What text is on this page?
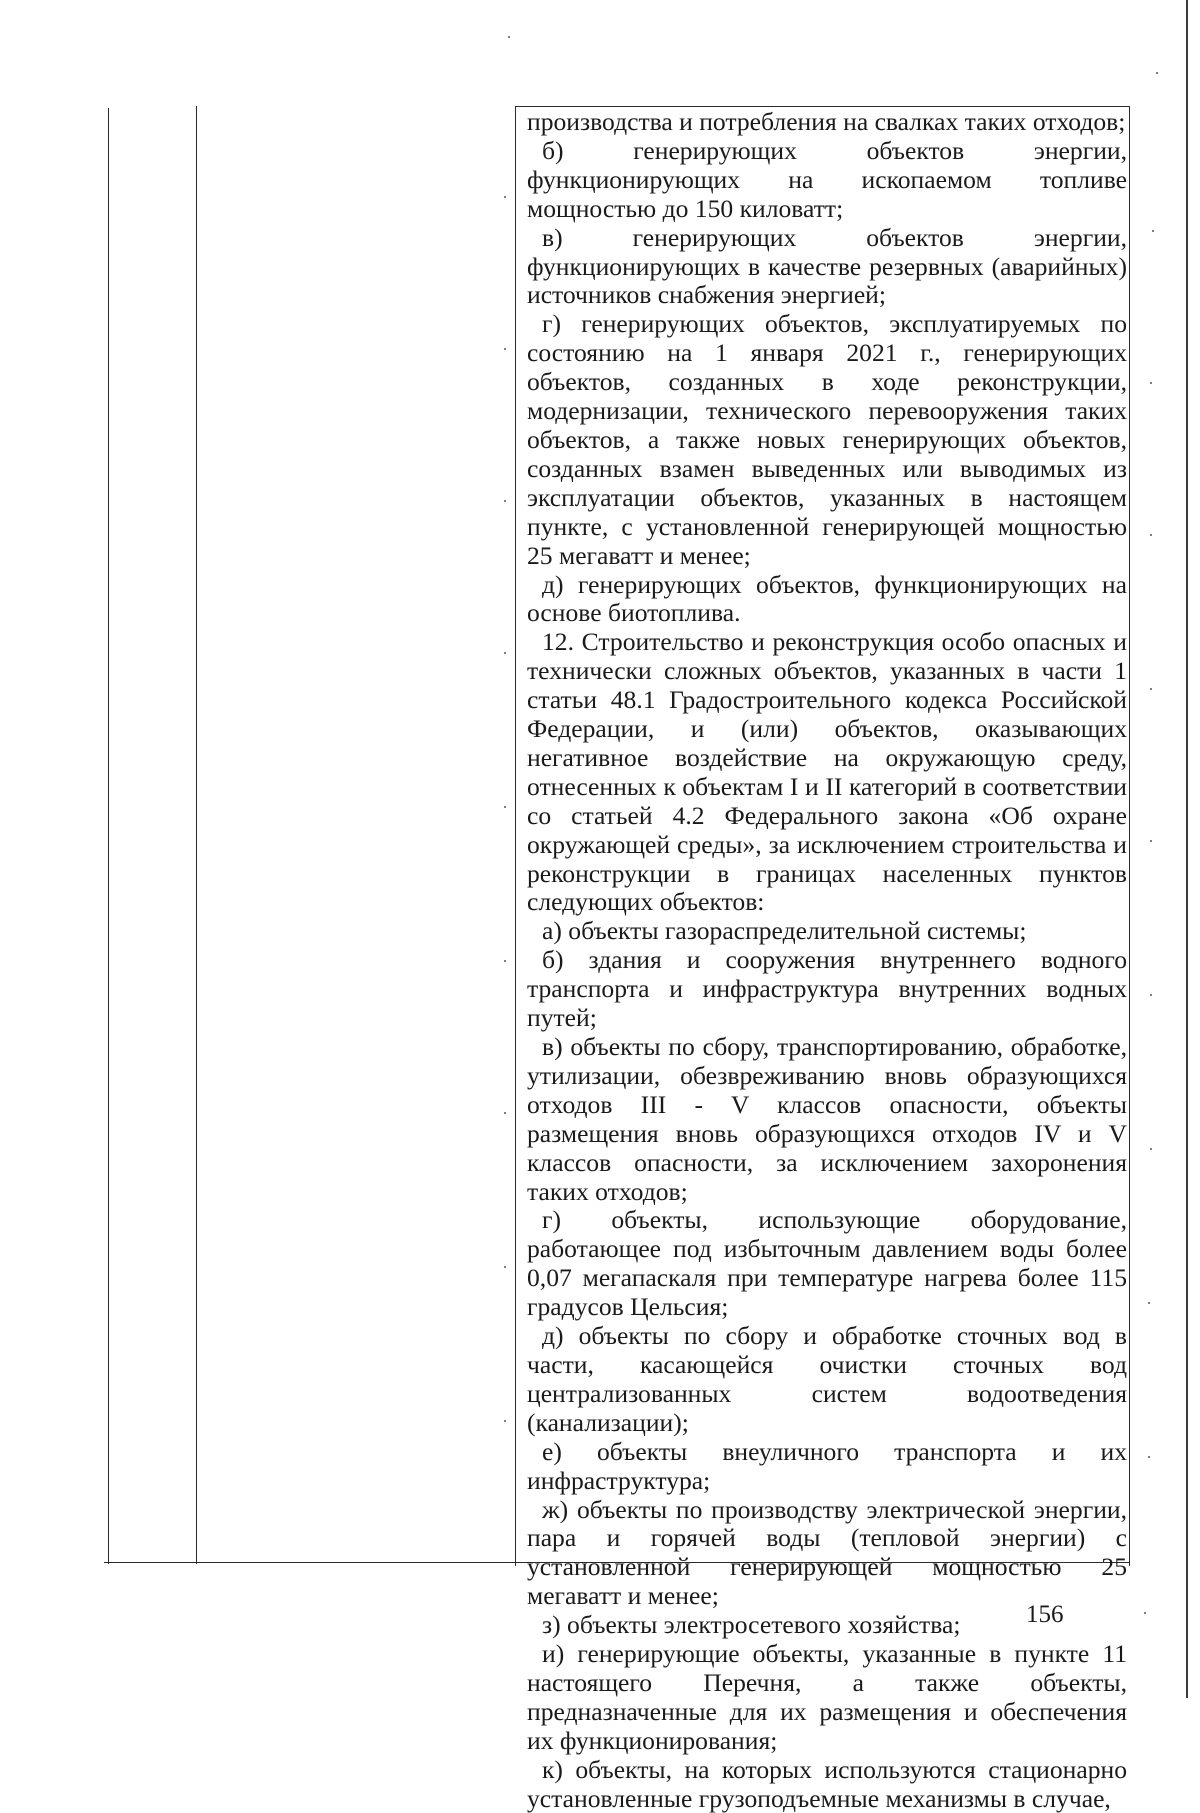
производства и потребления на свалках таких отходов;

б) генерирующих объектов энергии, функционирующих на ископаемом топливе мощностью до 150 киловатт;

в) генерирующих объектов энергии, функционирующих в качестве резервных (аварийных) источников снабжения энергией;

г) генерирующих объектов, эксплуатируемых по состоянию на 1 января 2021 г., генерирующих объектов, созданных в ходе реконструкции, модернизации, технического перевооружения таких объектов, а также новых генерирующих объектов, созданных взамен выведенных или выводимых из эксплуатации объектов, указанных в настоящем пункте, с установленной генерирующей мощностью 25 мегаватт и менее;

д) генерирующих объектов, функционирующих на основе биотоплива.

12. Строительство и реконструкция особо опасных и технически сложных объектов, указанных в части 1 статьи 48.1 Градостроительного кодекса Российской Федерации, и (или) объектов, оказывающих негативное воздействие на окружающую среду, отнесенных к объектам I и II категорий в соответствии со статьей 4.2 Федерального закона «Об охране окружающей среды», за исключением строительства и реконструкции в границах населенных пунктов следующих объектов:

а) объекты газораспределительной системы;

б) здания и сооружения внутреннего водного транспорта и инфраструктура внутренних водных путей;

в) объекты по сбору, транспортированию, обработке, утилизации, обезвреживанию вновь образующихся отходов III - V классов опасности, объекты размещения вновь образующихся отходов IV и V классов опасности, за исключением захоронения таких отходов;

г) объекты, использующие оборудование, работающее под избыточным давлением воды более 0,07 мегапаскаля при температуре нагрева более 115 градусов Цельсия;

д) объекты по сбору и обработке сточных вод в части, касающейся очистки сточных вод централизованных систем водоотведения (канализации);

е) объекты внеуличного транспорта и их инфраструктура;

ж) объекты по производству электрической энергии, пара и горячей воды (тепловой энергии) с установленной генерирующей мощностью 25 мегаватт и менее;

з) объекты электросетевого хозяйства;

и) генерирующие объекты, указанные в пункте 11 настоящего Перечня, а также объекты, предназначенные для их размещения и обеспечения их функционирования;

к) объекты, на которых используются стационарно установленные грузоподъемные механизмы в случае,

156
